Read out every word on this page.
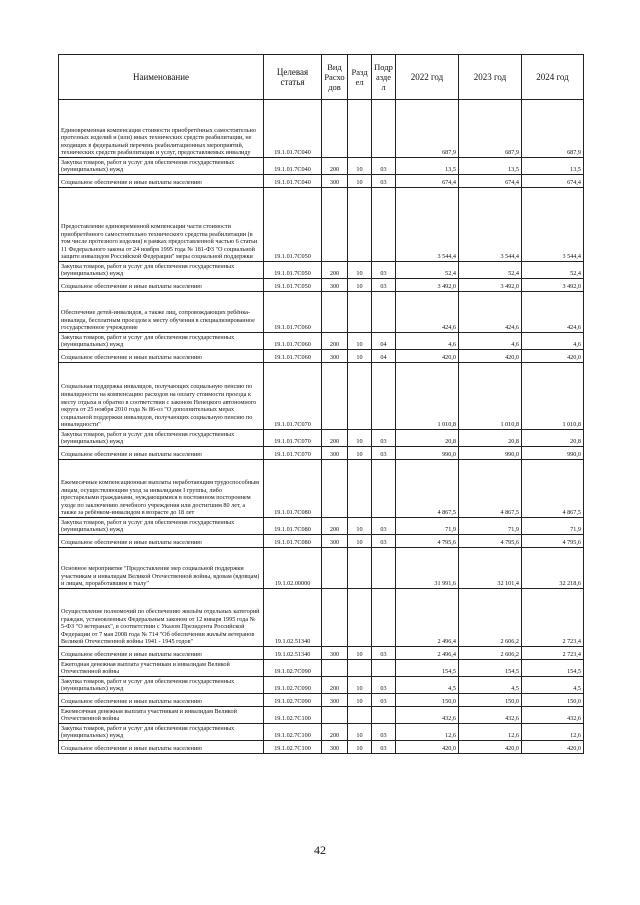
Наименование	Целевая статья	Вид Расхо дов	Разд ел	Подр азде л	2022 год	2023 год	2024 год
Единовременная компенсация стоимости приобретённых самостоятельно протезных изделий и (или) иных технических средств реабилитации, не входящих в федеральный перечень реабилитационных мероприятий, технических средств реабилитации и услуг, предоставляемых инвалиду	19.1.01.7С040				687,9	687,9	687,9
Закупка товаров, работ и услуг для обеспечения государственных (муниципальных) нужд	19.1.01.7С040	200	10	03	13,5	13,5	13,5
Социальное обеспечение и иные выплаты населению	19.1.01.7С040	300	10	03	674,4	674,4	674,4
Предоставление единовременной компенсации части стоимости приобретённого самостоятельно технического средства реабилитации (в том числе протезного изделия) в рамках предоставленной частью 6 статьи 11 Федерального закона от 24 ноября 1995 года № 181-ФЗ "О социальной защите инвалидов Российской Федерации" меры социальной поддержки	19.1.01.7С050				3 544,4	3 544,4	3 544,4
Закупка товаров, работ и услуг для обеспечения государственных (муниципальных) нужд	19.1.01.7С050	200	10	03	52,4	52,4	52,4
Социальное обеспечение и иные выплаты населению	19.1.01.7С050	300	10	03	3 492,0	3 492,0	3 492,0
Обеспечение детей-инвалидов, а также лиц, сопровождающих ребёнка-инвалида, бесплатным проездом к месту обучения в специализированное государственное учреждение	19.1.01.7С060				424,6	424,6	424,6
Закупка товаров, работ и услуг для обеспечения государственных (муниципальных) нужд	19.1.01.7С060	200	10	04	4,6	4,6	4,6
Социальное обеспечение и иные выплаты населению	19.1.01.7С060	300	10	04	420,0	420,0	420,0
Социальная поддержка инвалидов, получающих социальную пенсию по инвалидности на компенсацию расходов на оплату стоимости проезда к месту отдыха и обратно в соответствии с законом Ненецкого автономного округа от 25 ноября 2010 года № 86-оз "О дополнительных мерах социальной поддержки инвалидов, получающих социальную пенсию по инвалидности"	19.1.01.7С070				1 010,8	1 010,8	1 010,8
Закупка товаров, работ и услуг для обеспечения государственных (муниципальных) нужд	19.1.01.7С070	200	10	03	20,8	20,8	20,8
Социальное обеспечение и иные выплаты населению	19.1.01.7С070	300	10	03	990,0	990,0	990,0
Ежемесячные компенсационные выплаты неработающим трудоспособным лицам, осуществляющим уход за инвалидами I группы, либо престарелыми гражданами, нуждающимися в постоянном постороннем уходе по заключению лечебного учреждения или достигшим 80 лет, а также за ребёнком-инвалидом в возрасте до 18 лет	19.1.01.7С080				4 867,5	4 867,5	4 867,5
Закупка товаров, работ и услуг для обеспечения государственных (муниципальных) нужд	19.1.01.7С080	200	10	03	71,9	71,9	71,9
Социальное обеспечение и иные выплаты населению	19.1.01.7С080	300	10	03	4 795,6	4 795,6	4 795,6
Основное мероприятие "Предоставление мер социальной поддержки участникам и инвалидам Великой Отечественной войны, вдовам (вдовцам) и лицам, проработавшим в тылу"	19.1.02.00000				31 991,6	32 101,4	32 218,6
Осуществление полномочий по обеспечению жильём отдельных категорий граждан, установленных Федеральным законом от 12 января 1995 года № 5-ФЗ "О ветеранах", в соответствии с Указом Президента Российской Федерации от 7 мая 2008 года № 714 "Об обеспечении жильём ветеранов Великой Отечественной войны 1941 - 1945 годов"	19.1.02.51340				2 496,4	2 606,2	2 723,4
Социальное обеспечение и иные выплаты населению	19.1.02.51340	300	10	03	2 496,4	2 606,2	2 723,4
Ежегодная денежная выплата участникам и инвалидам Великой Отечественной войны	19.1.02.7С090				154,5	154,5	154,5
Закупка товаров, работ и услуг для обеспечения государственных (муниципальных) нужд	19.1.02.7С090	200	10	03	4,5	4,5	4,5
Социальное обеспечение и иные выплаты населению	19.1.02.7С090	300	10	03	150,0	150,0	150,0
Ежемесячная денежная выплата участникам и инвалидам Великой Отечественной войны	19.1.02.7С100				432,6	432,6	432,6
Закупка товаров, работ и услуг для обеспечения государственных (муниципальных) нужд	19.1.02.7С100	200	10	03	12,6	12,6	12,6
Социальное обеспечение и иные выплаты населению	19.1.02.7С100	300	10	03	420,0	420,0	420,0
42
